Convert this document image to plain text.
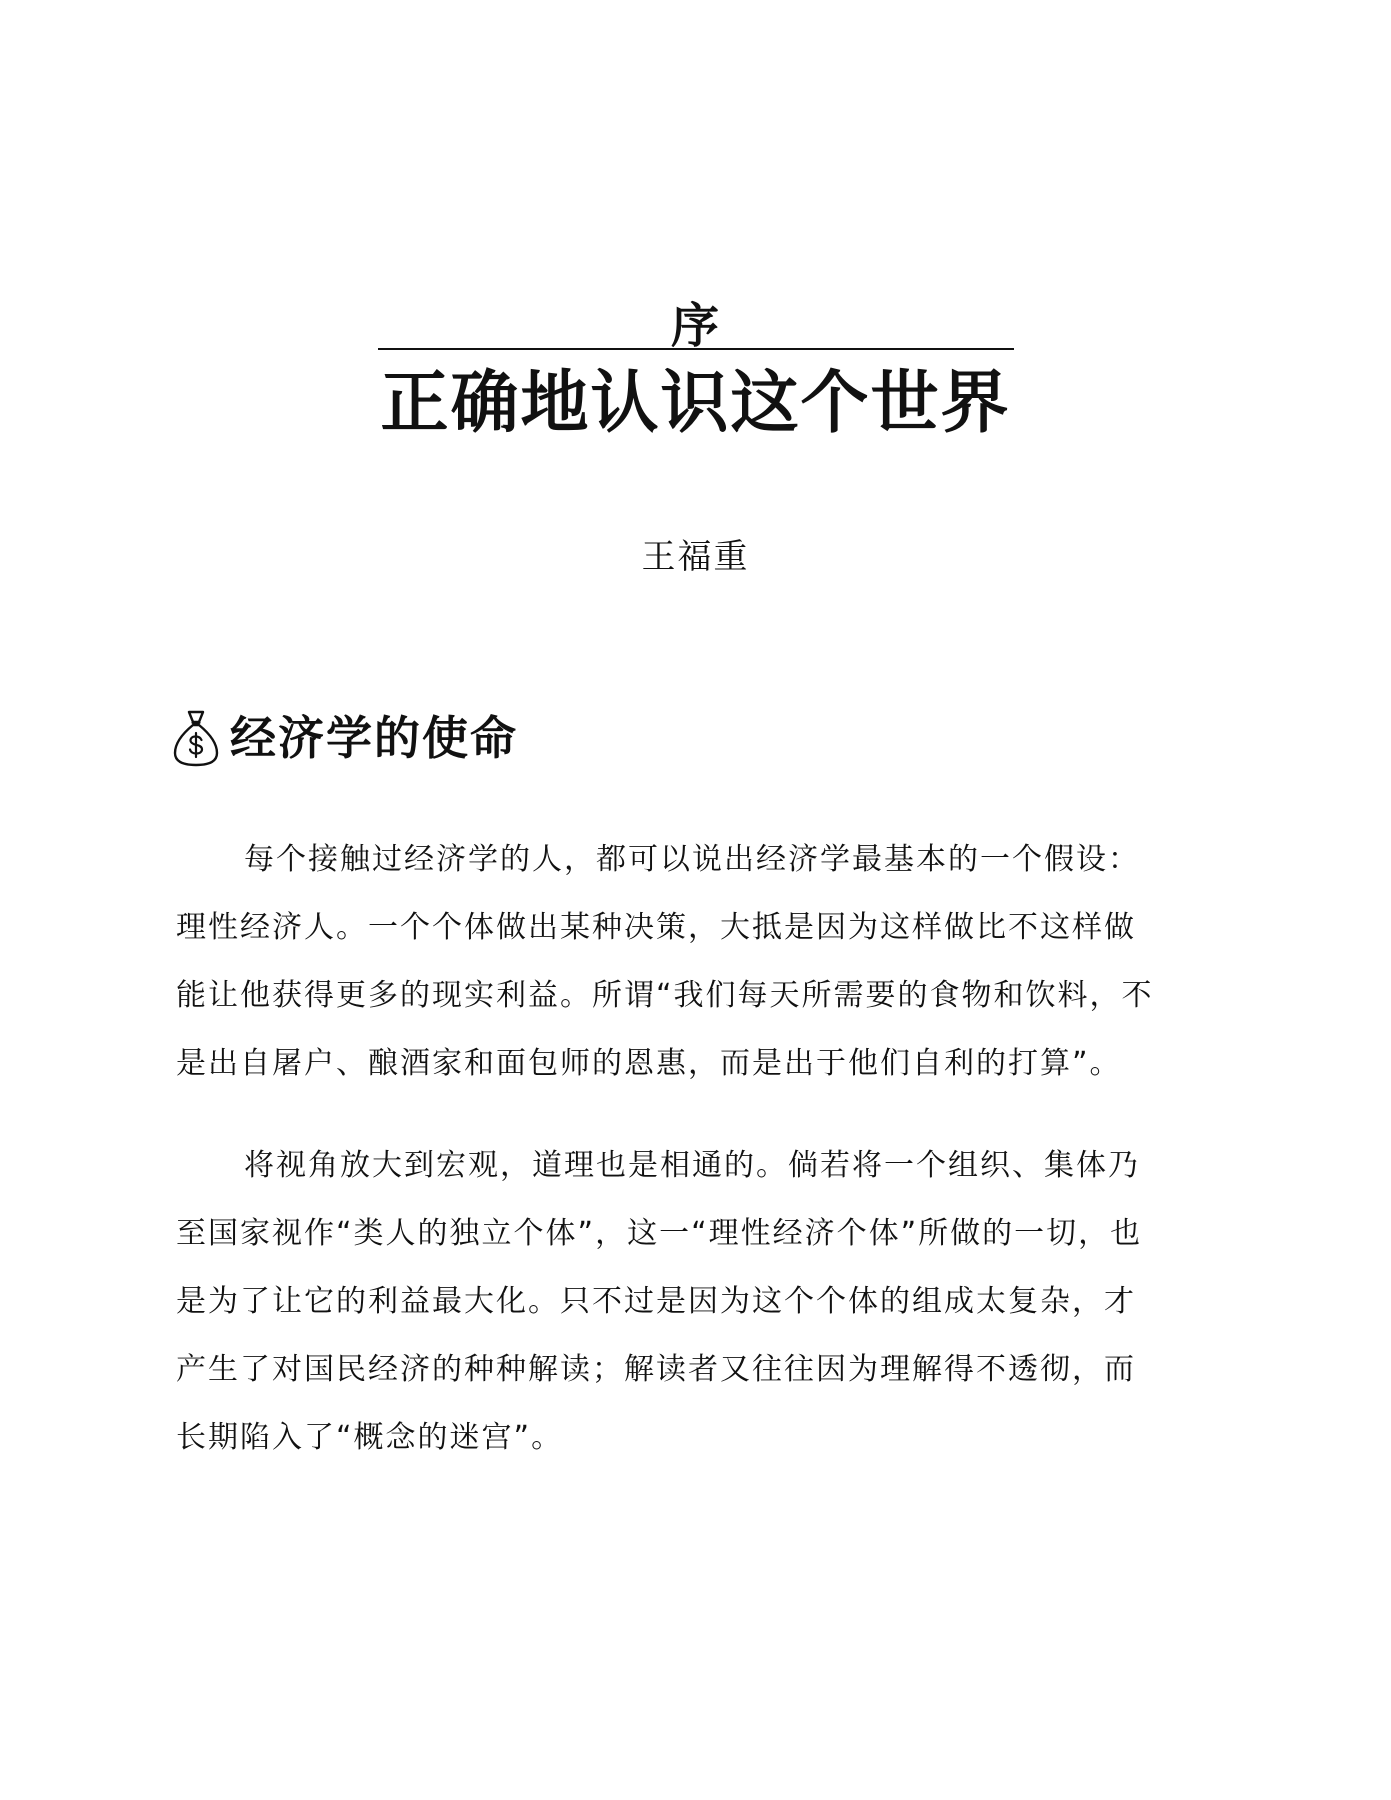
序
正确地认识这个世界
王福重
经济学的使命

每个接触过经济学的人，都可以说出经济学最基本的一个假设：
理性经济人。一个个体做出某种决策，大抵是因为这样做比不这样做
能让他获得更多的现实利益。所谓“我们每天所需要的食物和饮料，不
是出自屠户、酿酒家和面包师的恩惠，而是出于他们自利的打算”。

将视角放大到宏观，道理也是相通的。倘若将一个组织、集体乃
至国家视作“类人的独立个体”，这一“理性经济个体”所做的一切，也
是为了让它的利益最大化。只不过是因为这个个体的组成太复杂，才
产生了对国民经济的种种解读；解读者又往往因为理解得不透彻，而
长期陷入了“概念的迷宫”。
